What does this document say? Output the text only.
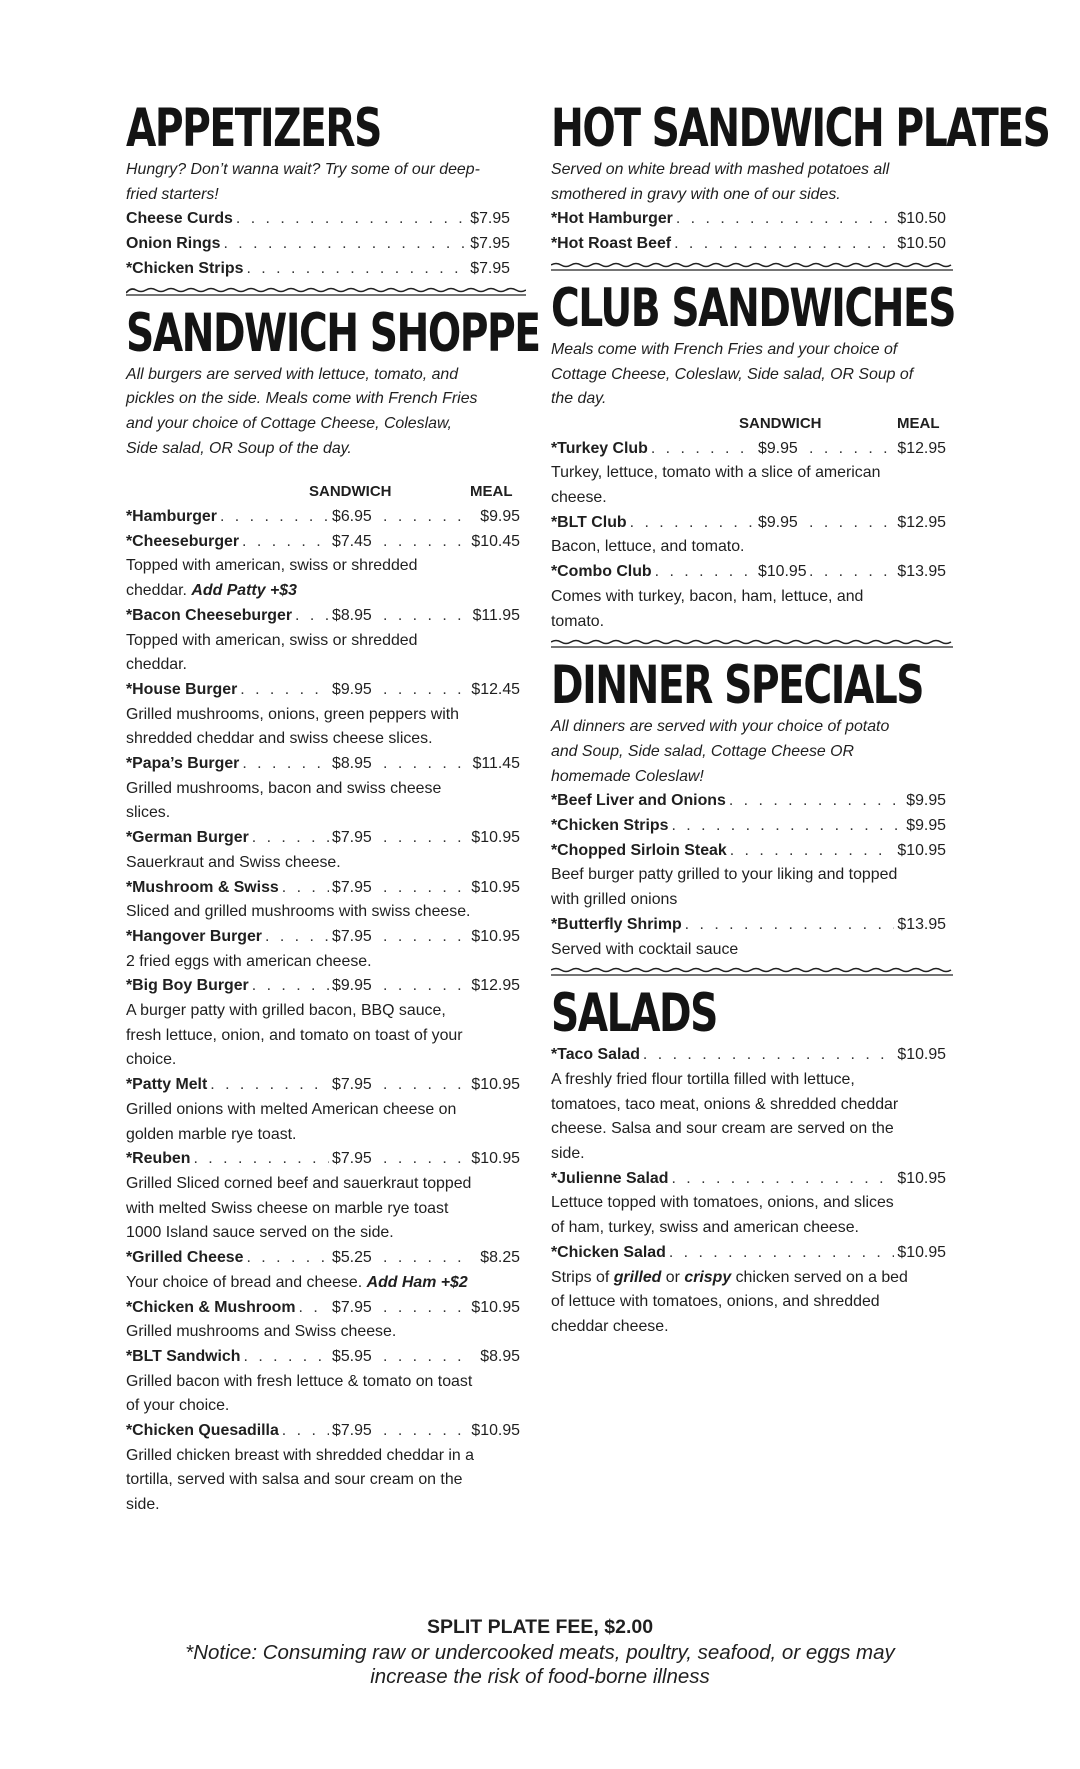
APPETIZERS
Hungry? Don’t wanna wait? Try some of our deep-
fried starters!
Cheese Curds . . .	$7.95
Onion Rings . . .	$7.95
*Chicken Strips . . .	$7.95
SANDWICH SHOPPE
All burgers are served with lettuce, tomato, and
pickles on the side. Meals come with French Fries
and your choice of Cottage Cheese, Coleslaw,
Side salad, OR Soup of the day.
SANDWICH	MEAL
*Hamburger . . .	$6.95 . . .	$9.95
*Cheeseburger . . .	$7.45 . . .	$10.45
Topped with american, swiss or shredded
cheddar. Add Patty +$3
*Bacon Cheeseburger . . .	$8.95 . . .	$11.95
Topped with american, swiss or shredded
cheddar.
*House Burger . . .	$9.95 . . .	$12.45
Grilled mushrooms, onions, green peppers with
shredded cheddar and swiss cheese slices.
*Papa’s Burger . . .	$8.95 . . .	$11.45
Grilled mushrooms, bacon and swiss cheese
slices.
*German Burger . . .	$7.95 . . .	$10.95
Sauerkraut and Swiss cheese.
*Mushroom & Swiss . . .	$7.95 . . .	$10.95
Sliced and grilled mushrooms with swiss cheese.
*Hangover Burger . . .	$7.95 . . .	$10.95
2 fried eggs with american cheese.
*Big Boy Burger . . .	$9.95 . . .	$12.95
A burger patty with grilled bacon, BBQ sauce,
fresh lettuce, onion, and tomato on toast of your
choice.
*Patty Melt . . .	$7.95 . . .	$10.95
Grilled onions with melted American cheese on
golden marble rye toast.
*Reuben . . .	$7.95 . . .	$10.95
Grilled Sliced corned beef and sauerkraut topped
with melted Swiss cheese on marble rye toast
1000 Island sauce served on the side.
*Grilled Cheese . . .	$5.25 . . .	$8.25
Your choice of bread and cheese. Add Ham +$2
*Chicken & Mushroom . . . $7.95 . . .	$10.95
Grilled mushrooms and Swiss cheese.
*BLT Sandwich . . .	$5.95 . . .	$8.95
Grilled bacon with fresh lettuce & tomato on toast
of your choice.
*Chicken Quesadilla . . .	$7.95 . . .	$10.95
Grilled chicken breast with shredded cheddar in a
tortilla, served with salsa and sour cream on the
side.
HOT SANDWICH PLATES
Served on white bread with mashed potatoes all
smothered in gravy with one of our sides.
*Hot Hamburger . . .	$10.50
*Hot Roast Beef . . .	$10.50
CLUB SANDWICHES
Meals come with French Fries and your choice of
Cottage Cheese, Coleslaw, Side salad, OR Soup of
the day.
SANDWICH	MEAL
*Turkey Club . . .	$9.95 . . .	$12.95
Turkey, lettuce, tomato with a slice of american
cheese.
*BLT Club . . .	$9.95 . . .	$12.95
Bacon, lettuce, and tomato.
*Combo Club . . .	$10.95 . . .	$13.95
Comes with turkey, bacon, ham, lettuce, and
tomato.
DINNER SPECIALS
All dinners are served with your choice of potato
and Soup, Side salad, Cottage Cheese OR
homemade Coleslaw!
*Beef Liver and Onions . . .	$9.95
*Chicken Strips . . .	$9.95
*Chopped Sirloin Steak . . .	$10.95
Beef burger patty grilled to your liking and topped
with grilled onions
*Butterfly Shrimp . . .	$13.95
Served with cocktail sauce
SALADS
*Taco Salad . . .	$10.95
A freshly fried flour tortilla filled with lettuce,
tomatoes, taco meat, onions & shredded cheddar
cheese. Salsa and sour cream are served on the
side.
*Julienne Salad . . .	$10.95
Lettuce topped with tomatoes, onions, and slices
of ham, turkey, swiss and american cheese.
*Chicken Salad . . .	$10.95
Strips of grilled or crispy chicken served on a bed
of lettuce with tomatoes, onions, and shredded
cheddar cheese.
SPLIT PLATE FEE, $2.00
*Notice: Consuming raw or undercooked meats, poultry, seafood, or eggs may
increase the risk of food-borne illness
